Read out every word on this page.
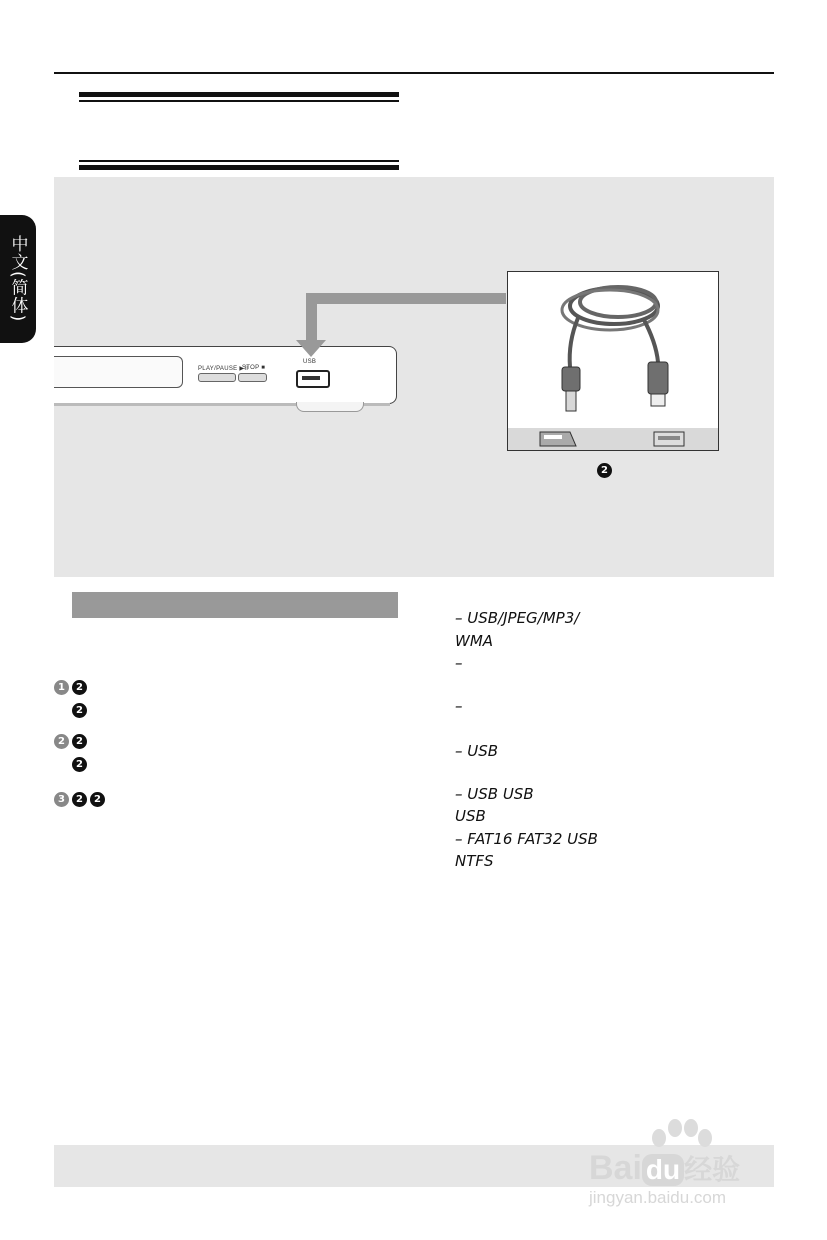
中文(简体)
PLAY/PAUSE ▶II
STOP ■
USB
2
1	2
2
2	2
2
3	2	2
– USB/JPEG/MP3/
WMA
–
–
– USB
– USB USB
USB
– FAT16 FAT32 USB
NTFS
Bai du 经验
jingyan.baidu.com
